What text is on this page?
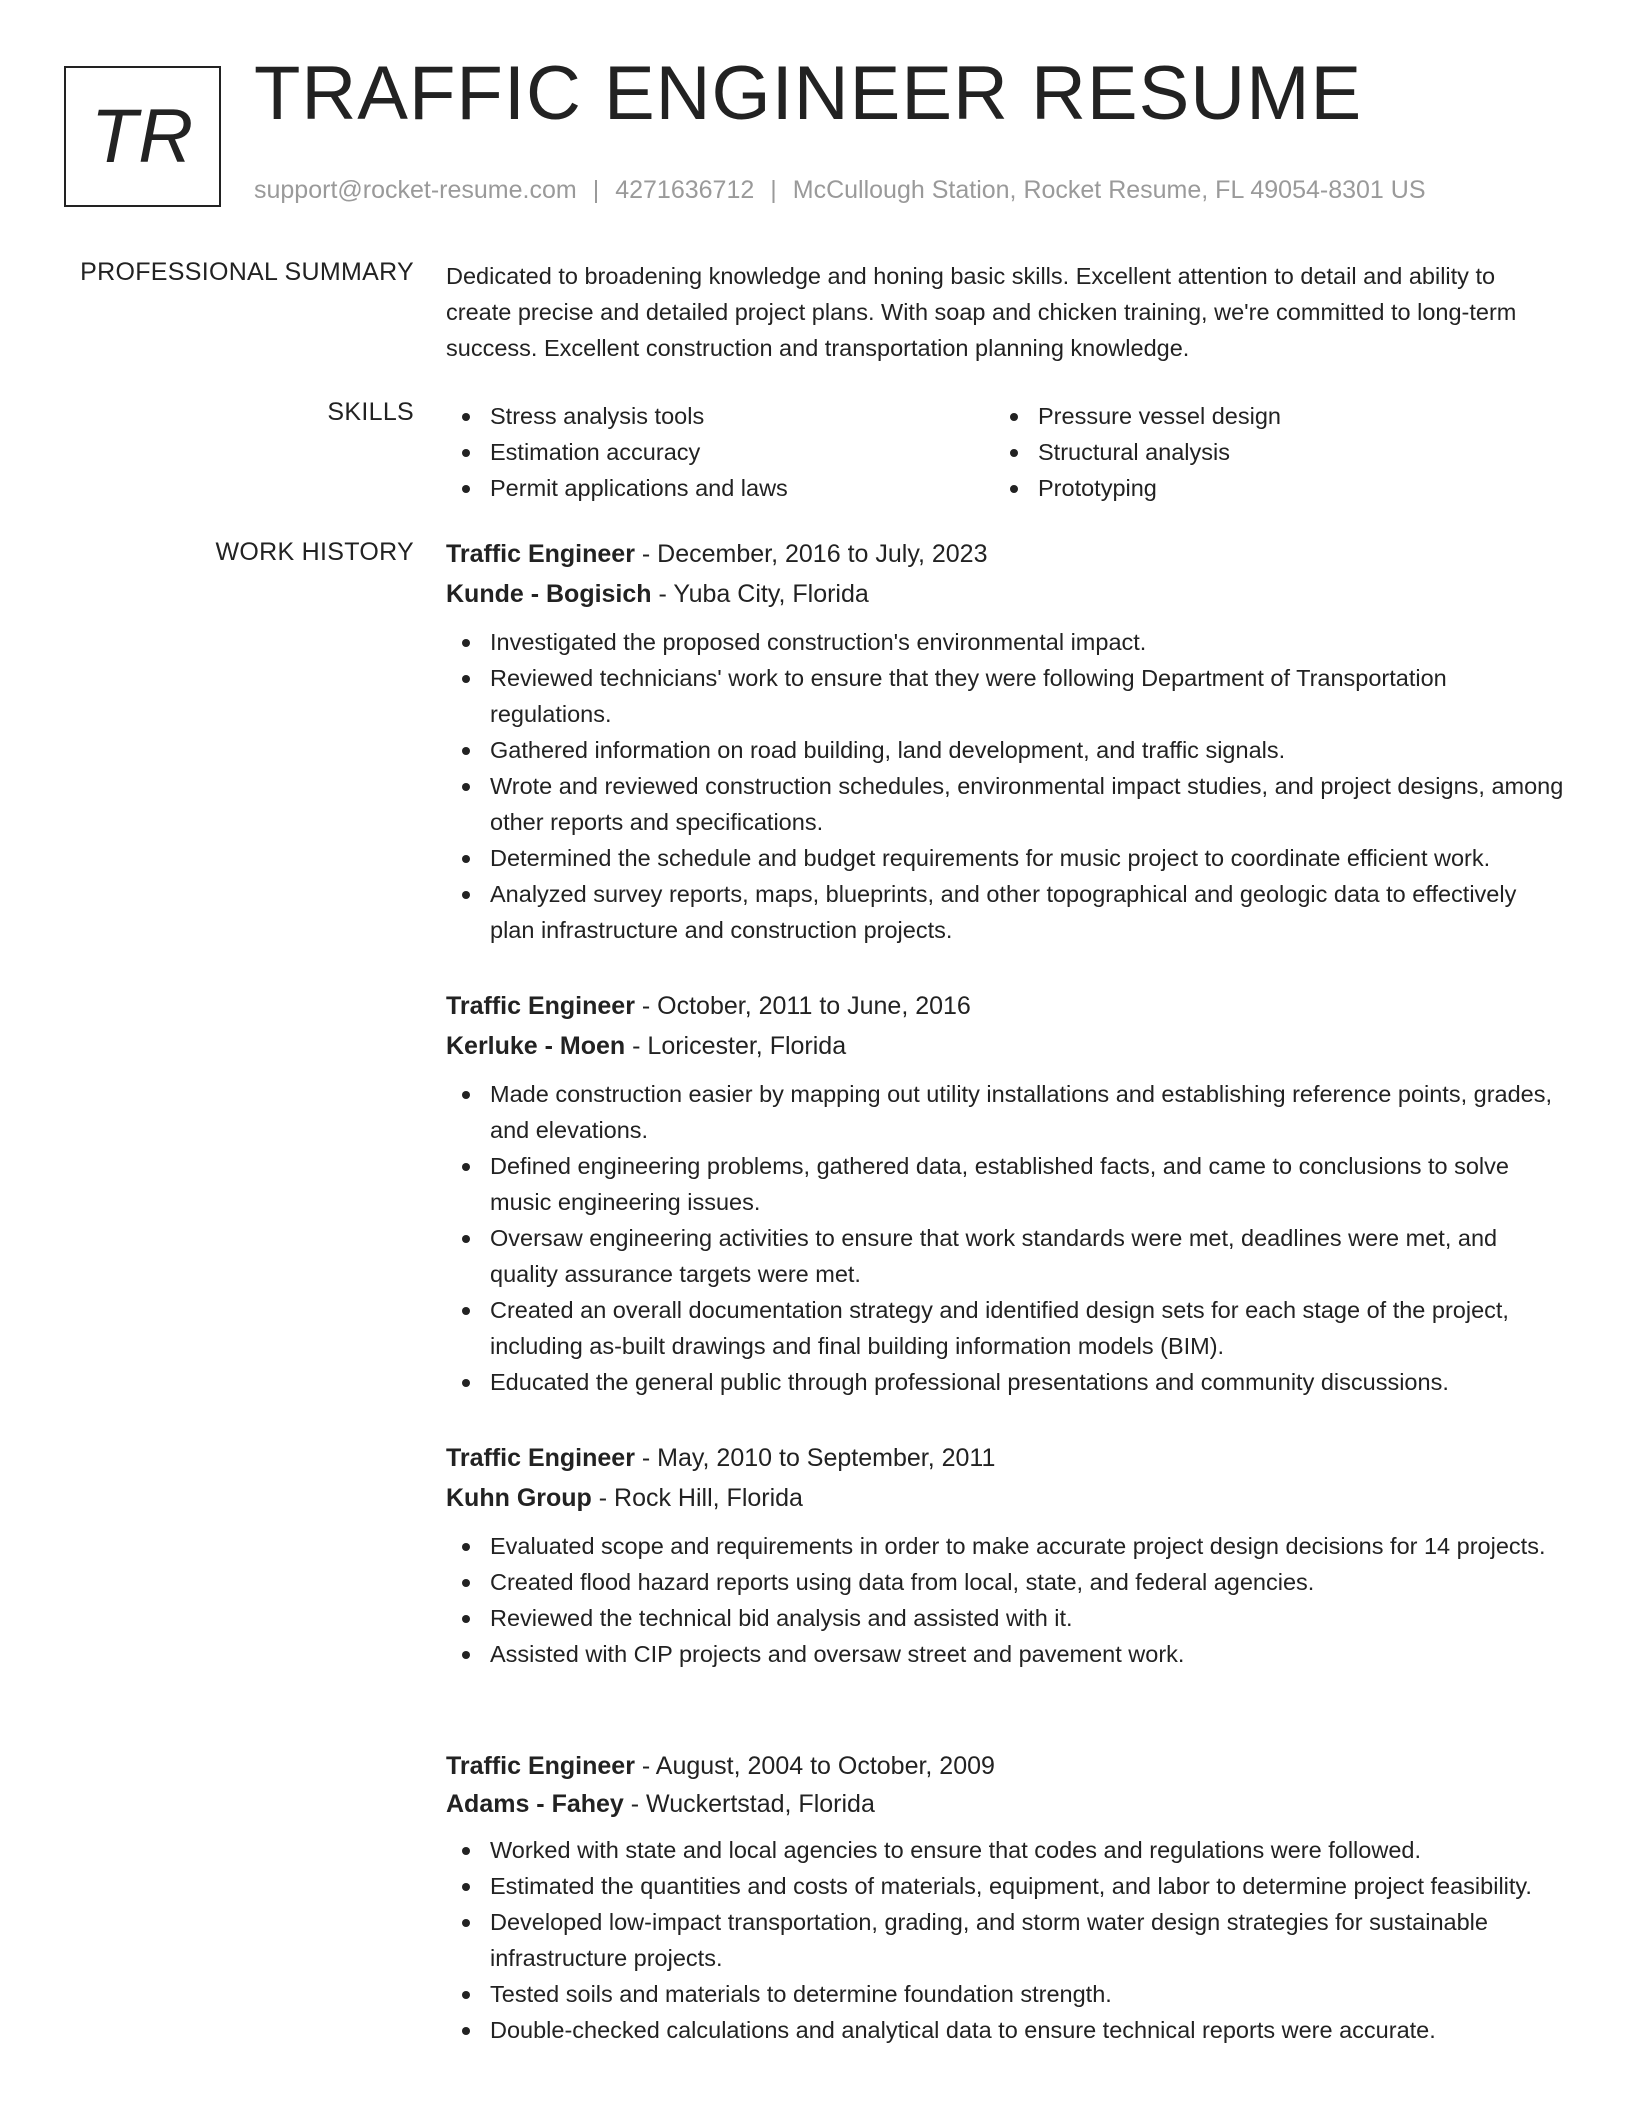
TR
TRAFFIC ENGINEER RESUME
support@rocket-resume.com | 4271636712 | McCullough Station, Rocket Resume, FL 49054-8301 US
PROFESSIONAL SUMMARY Dedicated to broadening knowledge and honing basic skills. Excellent attention to detail and ability to create precise and detailed project plans. With soap and chicken training, we're committed to long-term success. Excellent construction and transportation planning knowledge.

SKILLS	Stress analysis tools
Estimation accuracy
Permit applications and laws
Pressure vessel design
Structural analysis
Prototyping
WORK HISTORY Traffic Engineer - December, 2016 to July, 2023
Kunde - Bogisich - Yuba City, Florida
Investigated the proposed construction's environmental impact.
Reviewed technicians' work to ensure that they were following Department of Transportation regulations.
Gathered information on road building, land development, and traffic signals.
Wrote and reviewed construction schedules, environmental impact studies, and project designs, among other reports and specifications.
Determined the schedule and budget requirements for music project to coordinate efficient work.
Analyzed survey reports, maps, blueprints, and other topographical and geologic data to effectively plan infrastructure and construction projects.
Traffic Engineer - October, 2011 to June, 2016
Kerluke - Moen - Loricester, Florida
Made construction easier by mapping out utility installations and establishing reference points, grades, and elevations.
Defined engineering problems, gathered data, established facts, and came to conclusions to solve music engineering issues.
Oversaw engineering activities to ensure that work standards were met, deadlines were met, and quality assurance targets were met.
Created an overall documentation strategy and identified design sets for each stage of the project, including as-built drawings and final building information models (BIM).
Educated the general public through professional presentations and community discussions.
Traffic Engineer - May, 2010 to September, 2011
Kuhn Group - Rock Hill, Florida
Evaluated scope and requirements in order to make accurate project design decisions for 14 projects.
Created flood hazard reports using data from local, state, and federal agencies.
Reviewed the technical bid analysis and assisted with it.
Assisted with CIP projects and oversaw street and pavement work.
Traffic Engineer - August, 2004 to October, 2009
Adams - Fahey - Wuckertstad, Florida
Worked with state and local agencies to ensure that codes and regulations were followed.
Estimated the quantities and costs of materials, equipment, and labor to determine project feasibility.
Developed low-impact transportation, grading, and storm water design strategies for sustainable infrastructure projects.
Tested soils and materials to determine foundation strength.
Double-checked calculations and analytical data to ensure technical reports were accurate.
